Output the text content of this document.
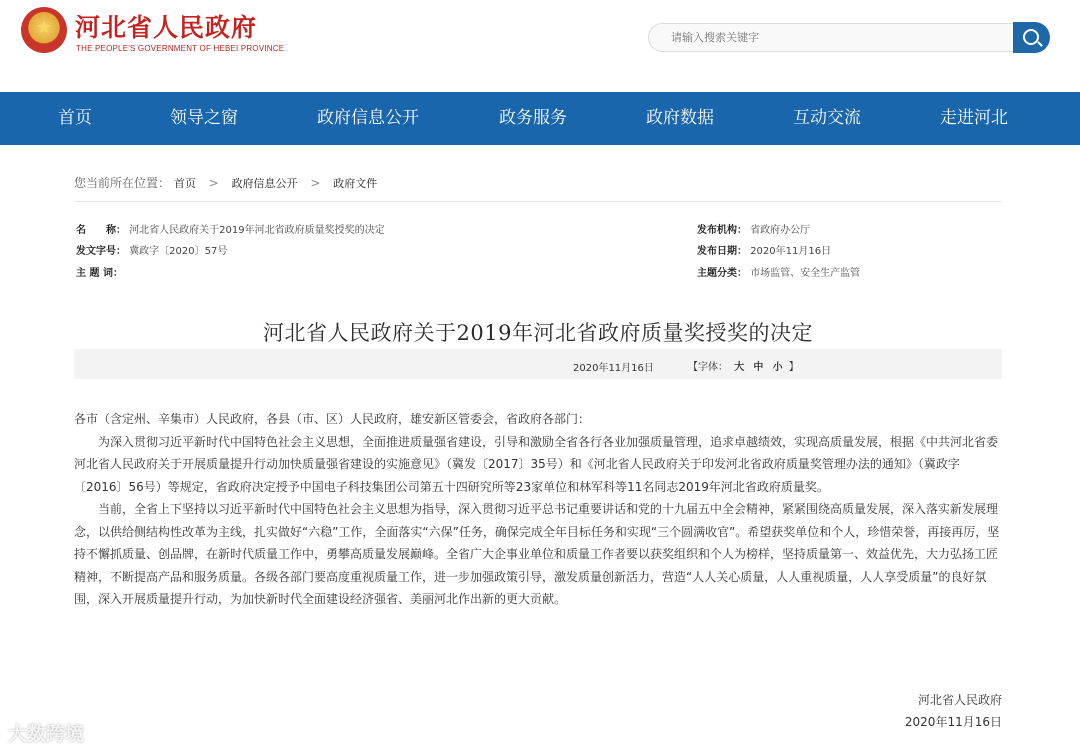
★
河北省人民政府
THE PEOPLE'S GOVERNMENT OF HEBEI PROVINCE
请输入搜索关键字
首页	领导之窗	政府信息公开	政务服务	政府数据	互动交流	走进河北
您当前所在位置： 首页 > 政府信息公开 > 政府文件
名　　称： 河北省人民政府关于2019年河北省政府质量奖授奖的决定
发文字号： 冀政字〔2020〕57号
主 题 词：
发布机构： 省政府办公厅
发布日期： 2020年11月16日
主题分类： 市场监管、安全生产监管
河北省人民政府关于2019年河北省政府质量奖授奖的决定
2020年11月16日	【字体： 大 中 小 】

各市（含定州、辛集市）人民政府，各县（市、区）人民政府，雄安新区管委会，省政府各部门：

为深入贯彻习近平新时代中国特色社会主义思想，全面推进质量强省建设，引导和激励全省各行各业加强质量管理，追求卓越绩效，实现高质量发展，根据《中共河北省委河北省人民政府关于开展质量提升行动加快质量强省建设的实施意见》（冀发〔2017〕35号）和《河北省人民政府关于印发河北省政府质量奖管理办法的通知》（冀政字〔2016〕56号）等规定，省政府决定授予中国电子科技集团公司第五十四研究所等23家单位和林军科等11名同志2019年河北省政府质量奖。

当前，全省上下坚持以习近平新时代中国特色社会主义思想为指导，深入贯彻习近平总书记重要讲话和党的十九届五中全会精神，紧紧围绕高质量发展，深入落实新发展理念，以供给侧结构性改革为主线，扎实做好“六稳”工作，全面落实“六保”任务，确保完成全年目标任务和实现“三个圆满收官”。希望获奖单位和个人，珍惜荣誉，再接再厉，坚持不懈抓质量、创品牌，在新时代质量工作中，勇攀高质量发展巅峰。全省广大企事业单位和质量工作者要以获奖组织和个人为榜样，坚持质量第一、效益优先，大力弘扬工匠精神，不断提高产品和服务质量。各级各部门要高度重视质量工作，进一步加强政策引导，激发质量创新活力，营造“人人关心质量，人人重视质量，人人享受质量”的良好氛围，深入开展质量提升行动，为加快新时代全面建设经济强省、美丽河北作出新的更大贡献。

河北省人民政府
2020年11月16日
大数跨境
